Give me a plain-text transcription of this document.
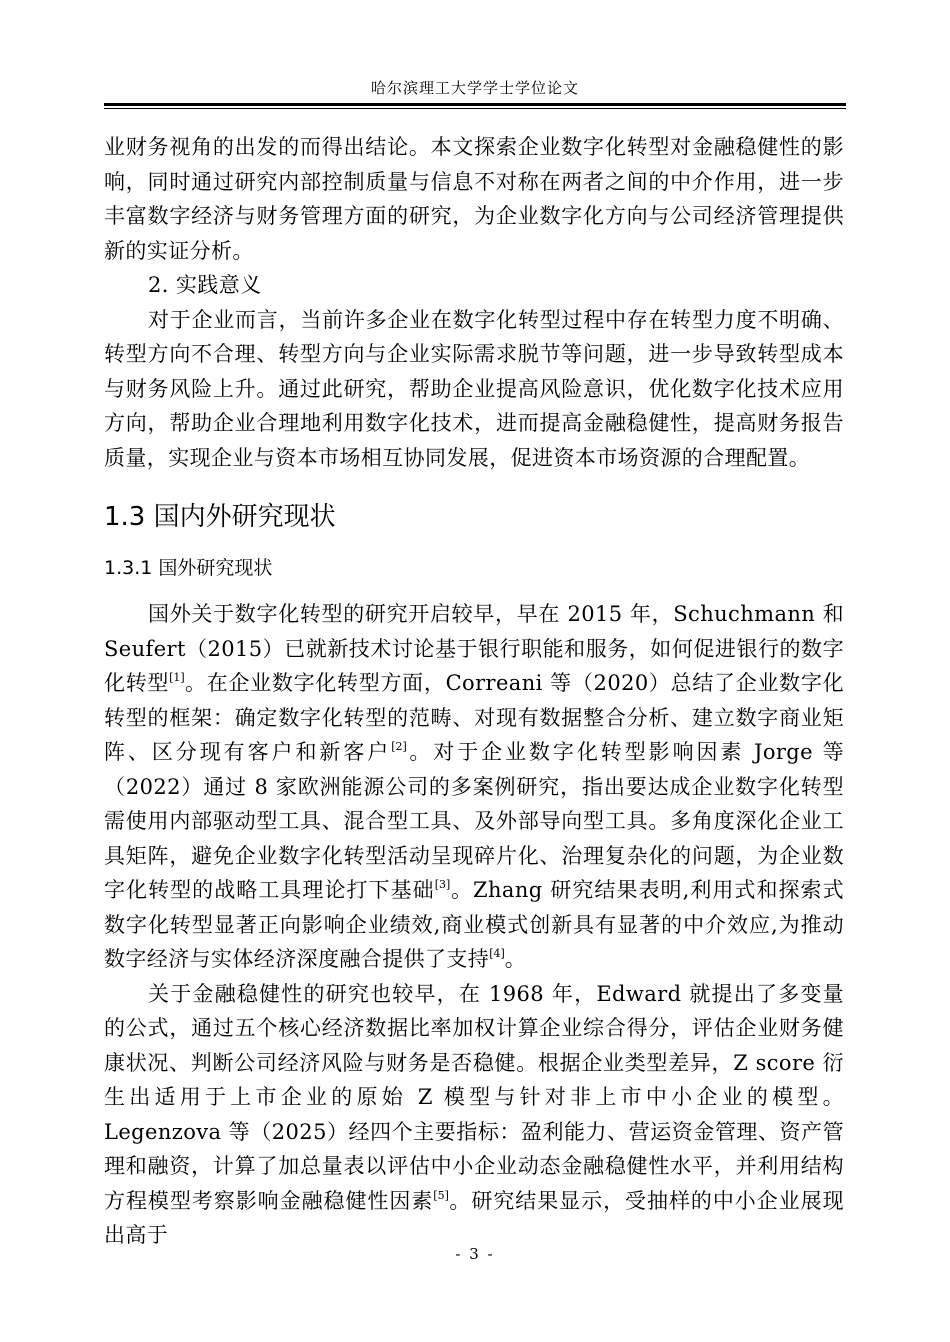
哈尔滨理工大学学士学位论文

业财务视角的出发的而得出结论。本文探索企业数字化转型对金融稳健性的影响，同时通过研究内部控制质量与信息不对称在两者之间的中介作用，进一步丰富数字经济与财务管理方面的研究，为企业数字化方向与公司经济管理提供新的实证分析。

2. 实践意义

对于企业而言，当前许多企业在数字化转型过程中存在转型力度不明确、转型方向不合理、转型方向与企业实际需求脱节等问题，进一步导致转型成本与财务风险上升。通过此研究，帮助企业提高风险意识，优化数字化技术应用方向，帮助企业合理地利用数字化技术，进而提高金融稳健性，提高财务报告质量，实现企业与资本市场相互协同发展，促进资本市场资源的合理配置。

1.3 国内外研究现状
1.3.1 国外研究现状

国外关于数字化转型的研究开启较早，早在 2015 年，Schuchmann 和 Seufert（2015）已就新技术讨论基于银行职能和服务，如何促进银行的数字化转型[1]。在企业数字化转型方面，Correani 等（2020）总结了企业数字化转型的框架：确定数字化转型的范畴、对现有数据整合分析、建立数字商业矩阵、区分现有客户和新客户[2]。对于企业数字化转型影响因素 Jorge 等（2022）通过 8 家欧洲能源公司的多案例研究，指出要达成企业数字化转型需使用内部驱动型工具、混合型工具、及外部导向型工具。多角度深化企业工具矩阵，避免企业数字化转型活动呈现碎片化、治理复杂化的问题，为企业数字化转型的战略工具理论打下基础[3]。Zhang 研究结果表明,利用式和探索式数字化转型显著正向影响企业绩效,商业模式创新具有显著的中介效应,为推动数字经济与实体经济深度融合提供了支持[4]。

关于金融稳健性的研究也较早，在 1968 年，Edward 就提出了多变量的公式，通过五个核心经济数据比率加权计算企业综合得分，评估企业财务健康状况、判断公司经济风险与财务是否稳健。根据企业类型差异，Z score 衍生出适用于上市企业的原始 Z 模型与针对非上市中小企业的模型。Legenzova 等（2025）经四个主要指标：盈利能力、营运资金管理、资产管理和融资，计算了加总量表以评估中小企业动态金融稳健性水平，并利用结构方程模型考察影响金融稳健性因素[5]。研究结果显示，受抽样的中小企业展现出高于

- 3 -
